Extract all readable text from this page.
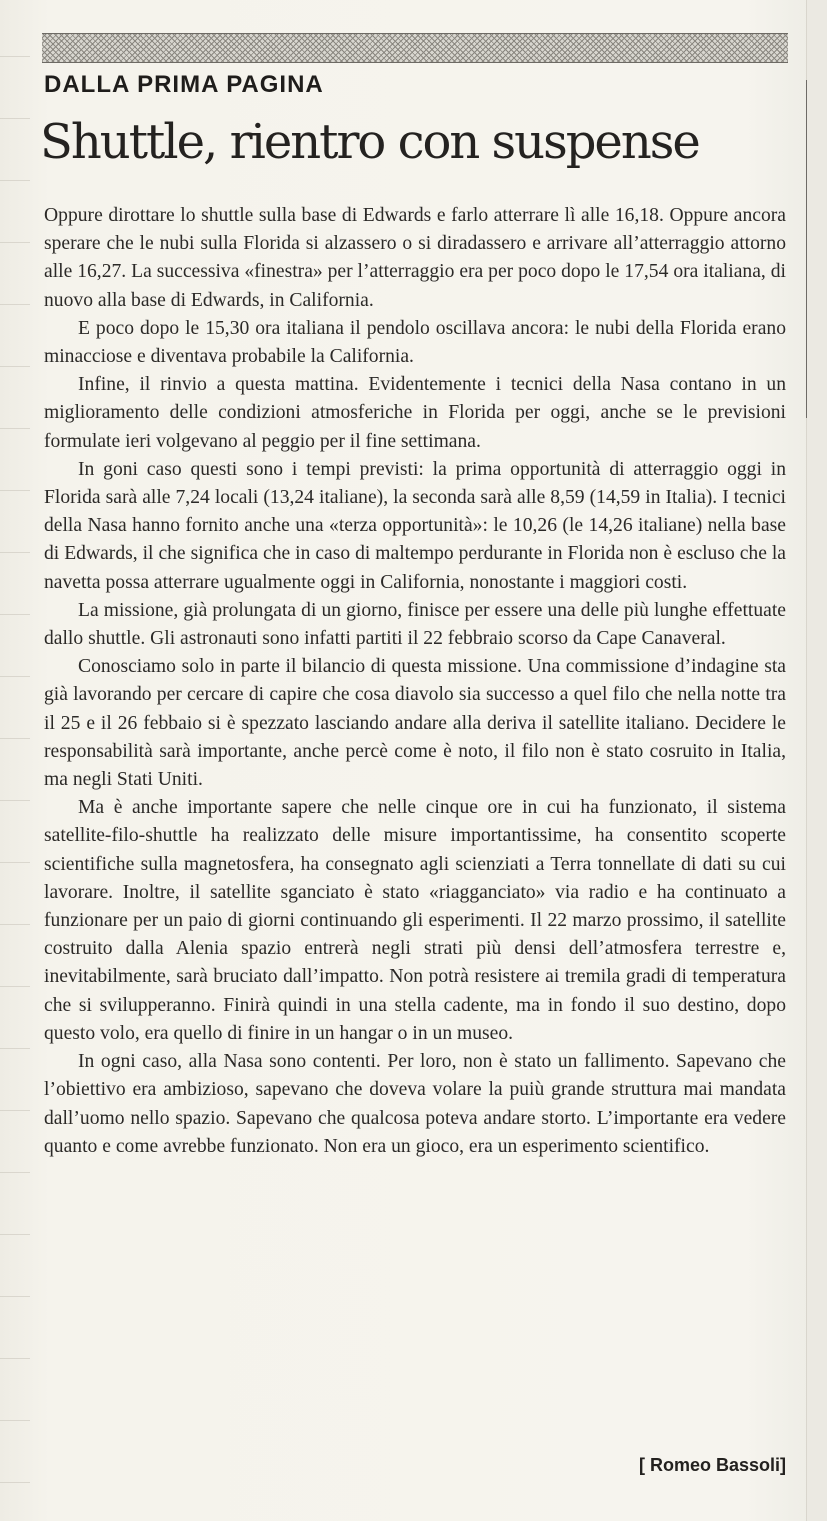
DALLA PRIMA PAGINA
Shuttle, rientro con suspense

Oppure dirottare lo shuttle sulla base di Edwards e farlo atterrare lì alle 16,18. Oppure ancora sperare che le nubi sulla Florida si alzassero o si diradassero e arrivare all’atterraggio attorno alle 16,27. La successiva «finestra» per l’atterraggio era per poco dopo le 17,54 ora italiana, di nuovo alla base di Edwards, in California.

E poco dopo le 15,30 ora italiana il pendolo oscillava ancora: le nubi della Florida erano minacciose e diventava probabile la California.

Infine, il rinvio a questa mattina. Evidentemente i tecnici della Nasa contano in un miglioramento delle condizioni atmosferiche in Florida per oggi, anche se le previsioni formulate ieri volgevano al peggio per il fine settimana.

In goni caso questi sono i tempi previsti: la prima opportunità di atterraggio oggi in Florida sarà alle 7,24 locali (13,24 italiane), la seconda sarà alle 8,59 (14,59 in Italia). I tecnici della Nasa hanno fornito anche una «terza opportunità»: le 10,26 (le 14,26 italiane) nella base di Edwards, il che significa che in caso di maltempo perdurante in Florida non è escluso che la navetta possa atterrare ugualmente oggi in California, nonostante i maggiori costi.

La missione, già prolungata di un giorno, finisce per essere una delle più lunghe effettuate dallo shuttle. Gli astronauti sono infatti partiti il 22 febbraio scorso da Cape Canaveral.

Conosciamo solo in parte il bilancio di questa missione. Una commissione d’indagine sta già lavorando per cercare di capire che cosa diavolo sia successo a quel filo che nella notte tra il 25 e il 26 febbaio si è spezzato lasciando andare alla deriva il satellite italiano. Decidere le responsabilità sarà importante, anche percè come è noto, il filo non è stato cosruito in Italia, ma negli Stati Uniti.

Ma è anche importante sapere che nelle cinque ore in cui ha funzionato, il sistema satellite-filo-shuttle ha realizzato delle misure importantissime, ha consentito scoperte scientifiche sulla magnetosfera, ha consegnato agli scienziati a Terra tonnellate di dati su cui lavorare. Inoltre, il satellite sganciato è stato «riagganciato» via radio e ha continuato a funzionare per un paio di giorni continuando gli esperimenti. Il 22 marzo prossimo, il satellite costruito dalla Alenia spazio entrerà negli strati più densi dell’atmosfera terrestre e, inevitabilmente, sarà bruciato dall’impatto. Non potrà resistere ai tremila gradi di temperatura che si svilupperanno. Finirà quindi in una stella cadente, ma in fondo il suo destino, dopo questo volo, era quello di finire in un hangar o in un museo.

In ogni caso, alla Nasa sono contenti. Per loro, non è stato un fallimento. Sapevano che l’obiettivo era ambizioso, sapevano che doveva volare la puiù grande struttura mai mandata dall’uomo nello spazio. Sapevano che qualcosa poteva andare storto. L’importante era vedere quanto e come avrebbe funzionato. Non era un gioco, era un esperimento scientifico.

[ Romeo Bassoli]
